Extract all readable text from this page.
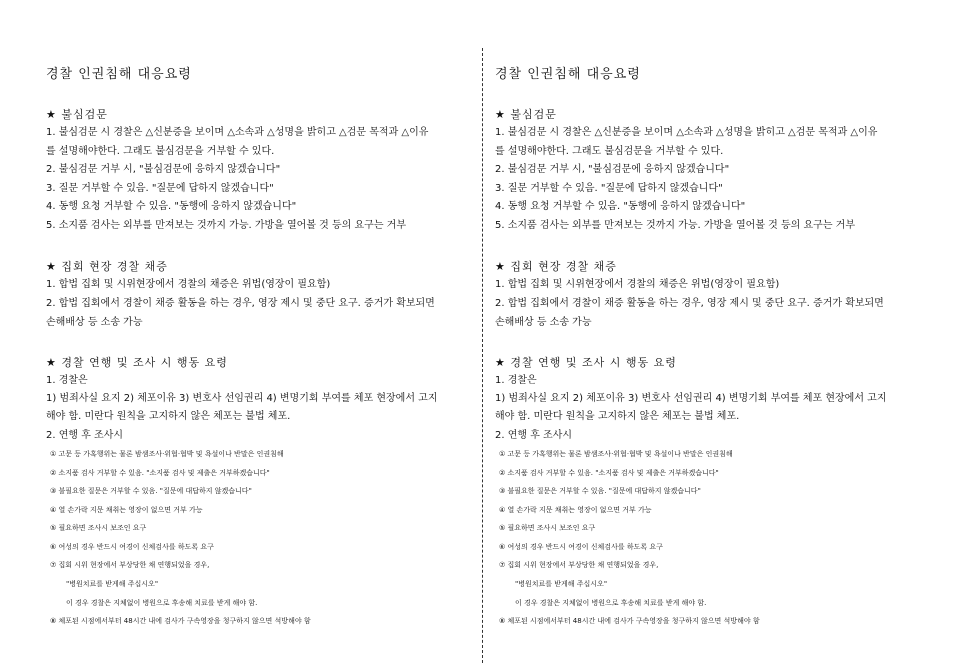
경찰 인권침해 대응요령
★ 불심검문
1. 불심검문 시 경찰은 △신분증을 보이며 △소속과 △성명을 밝히고 △검문 목적과 △이유
를 설명해야한다. 그래도 불심검문을 거부할 수 있다.
2. 불심검문 거부 시, "불심검문에 응하지 않겠습니다"
3. 질문 거부할 수 있음. "질문에 답하지 않겠습니다"
4. 동행 요청 거부할 수 있음. "동행에 응하지 않겠습니다"
5. 소지품 검사는 외부를 만져보는 것까지 가능. 가방을 열어볼 것 등의 요구는 거부
★ 집회 현장 경찰 채증
1. 합법 집회 및 시위현장에서 경찰의 채증은 위법(영장이 필요함)
2. 합법 집회에서 경찰이 채증 활동을 하는 경우, 영장 제시 및 중단 요구. 증거가 확보되면
손해배상 등 소송 가능
★ 경찰 연행 및 조사 시 행동 요령
1. 경찰은
1) 범죄사실 요지 2) 체포이유 3) 변호사 선임권리 4) 변명기회 부여를 체포 현장에서 고지
해야 함. 미란다 원칙을 고지하지 않은 체포는 불법 체포.
2. 연행 후 조사시
① 고문 등 가혹행위는 물론 밤샘조사·위협·협박 및 욕설이나 반말은 인권침해
② 소지품 검사 거부할 수 있음. "소지품 검사 및 제출은 거부하겠습니다"
③ 불필요한 질문은 거부할 수 있음. "질문에 대답하지 않겠습니다"
④ 열 손가락 지문 채취는 영장이 없으면 거부 가능
⑤ 필요하면 조사시 보조인 요구
⑥ 여성의 경우 반드시 여경이 신체검사를 하도록 요구
⑦ 집회 시위 현장에서 부상당한 채 연행되었을 경우,
"병원치료를 받게해 주십시오"
이 경우 경찰은 지체없이 병원으로 후송해 치료를 받게 해야 함.
⑧ 체포된 시점에서부터 48시간 내에 검사가 구속영장을 청구하지 않으면 석방해야 함
경찰 인권침해 대응요령
★ 불심검문
1. 불심검문 시 경찰은 △신분증을 보이며 △소속과 △성명을 밝히고 △검문 목적과 △이유
를 설명해야한다. 그래도 불심검문을 거부할 수 있다.
2. 불심검문 거부 시, "불심검문에 응하지 않겠습니다"
3. 질문 거부할 수 있음. "질문에 답하지 않겠습니다"
4. 동행 요청 거부할 수 있음. "동행에 응하지 않겠습니다"
5. 소지품 검사는 외부를 만져보는 것까지 가능. 가방을 열어볼 것 등의 요구는 거부
★ 집회 현장 경찰 채증
1. 합법 집회 및 시위현장에서 경찰의 채증은 위법(영장이 필요함)
2. 합법 집회에서 경찰이 채증 활동을 하는 경우, 영장 제시 및 중단 요구. 증거가 확보되면
손해배상 등 소송 가능
★ 경찰 연행 및 조사 시 행동 요령
1. 경찰은
1) 범죄사실 요지 2) 체포이유 3) 변호사 선임권리 4) 변명기회 부여를 체포 현장에서 고지
해야 함. 미란다 원칙을 고지하지 않은 체포는 불법 체포.
2. 연행 후 조사시
① 고문 등 가혹행위는 물론 밤샘조사·위협·협박 및 욕설이나 반말은 인권침해
② 소지품 검사 거부할 수 있음. "소지품 검사 및 제출은 거부하겠습니다"
③ 불필요한 질문은 거부할 수 있음. "질문에 대답하지 않겠습니다"
④ 열 손가락 지문 채취는 영장이 없으면 거부 가능
⑤ 필요하면 조사시 보조인 요구
⑥ 여성의 경우 반드시 여경이 신체검사를 하도록 요구
⑦ 집회 시위 현장에서 부상당한 채 연행되었을 경우,
"병원치료를 받게해 주십시오"
이 경우 경찰은 지체없이 병원으로 후송해 치료를 받게 해야 함.
⑧ 체포된 시점에서부터 48시간 내에 검사가 구속영장을 청구하지 않으면 석방해야 함
